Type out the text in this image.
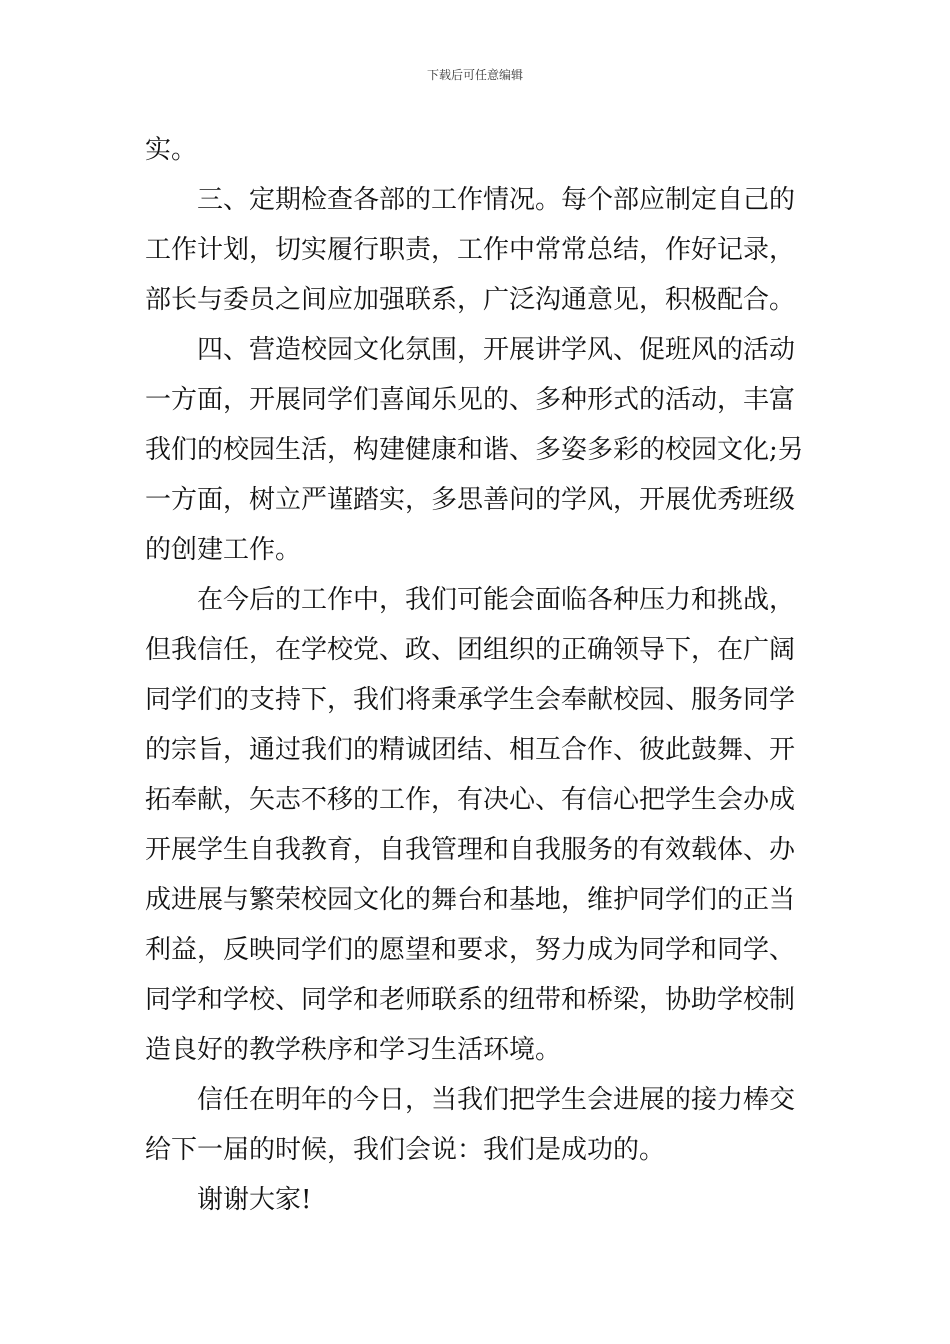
下载后可任意编辑
实。
三、定期检查各部的工作情况。每个部应制定自己的
工作计划，切实履行职责，工作中常常总结，作好记录，
部长与委员之间应加强联系，广泛沟通意见，积极配合。
四、营造校园文化氛围，开展讲学风、促班风的活动
一方面，开展同学们喜闻乐见的、多种形式的活动，丰富
我们的校园生活，构建健康和谐、多姿多彩的校园文化;另
一方面，树立严谨踏实，多思善问的学风，开展优秀班级
的创建工作。
在今后的工作中，我们可能会面临各种压力和挑战，
但我信任，在学校党、政、团组织的正确领导下，在广阔
同学们的支持下，我们将秉承学生会奉献校园、服务同学
的宗旨，通过我们的精诚团结、相互合作、彼此鼓舞、开
拓奉献，矢志不移的工作，有决心、有信心把学生会办成
开展学生自我教育，自我管理和自我服务的有效载体、办
成进展与繁荣校园文化的舞台和基地，维护同学们的正当
利益，反映同学们的愿望和要求，努力成为同学和同学、
同学和学校、同学和老师联系的纽带和桥梁，协助学校制
造良好的教学秩序和学习生活环境。
信任在明年的今日，当我们把学生会进展的接力棒交
给下一届的时候，我们会说：我们是成功的。
谢谢大家!
